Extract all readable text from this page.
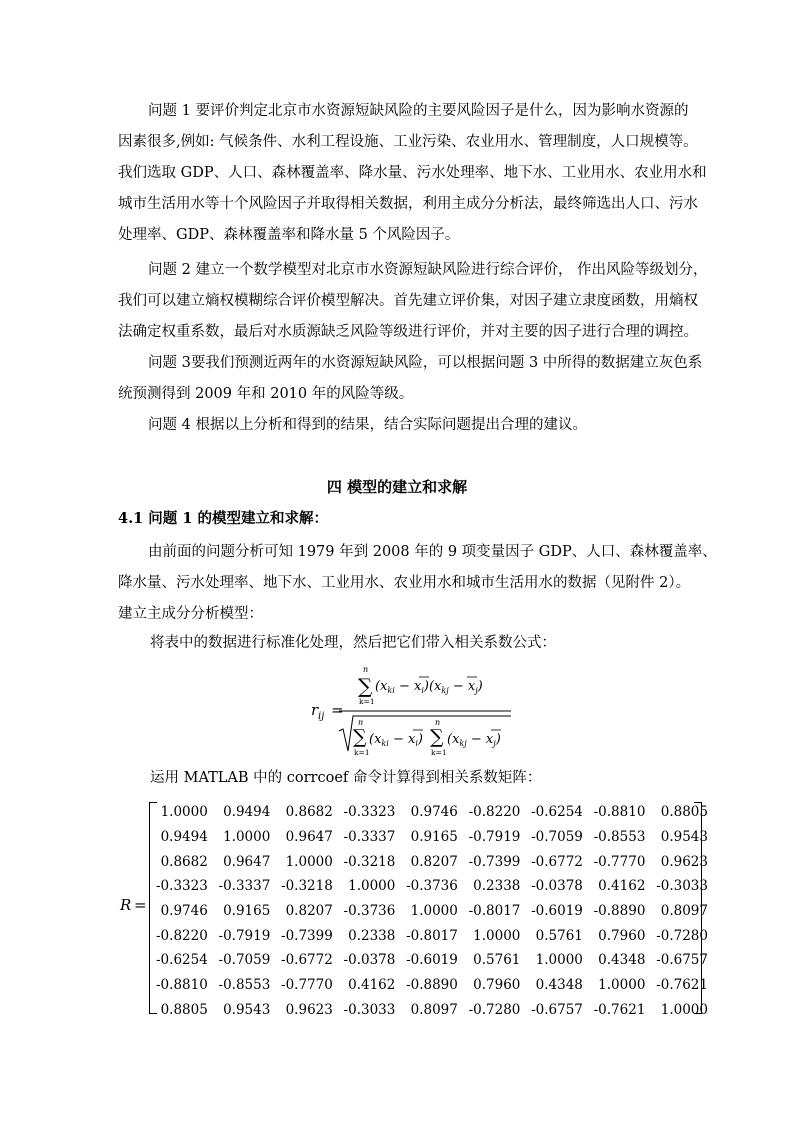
问题 1 要评价判定北京市水资源短缺风险的主要风险因子是什么，因为影响水资源的
因素很多,例如: 气候条件、水利工程设施、工业污染、农业用水、管理制度，人口规模等。
我们选取 GDP、人口、森林覆盖率、降水量、污水处理率、地下水、工业用水、农业用水和
城市生活用水等十个风险因子并取得相关数据，利用主成分分析法，最终筛选出人口、污水
处理率、GDP、森林覆盖率和降水量 5 个风险因子。

问题 2 建立一个数学模型对北京市水资源短缺风险进行综合评价， 作出风险等级划分，
我们可以建立熵权模糊综合评价模型解决。首先建立评价集，对因子建立隶度函数，用熵权
法确定权重系数，最后对水质源缺乏风险等级进行评价，并对主要的因子进行合理的调控。

问题 3要我们预测近两年的水资源短缺风险，可以根据问题 3 中所得的数据建立灰色系
统预测得到 2009 年和 2010 年的风险等级。

问题 4 根据以上分析和得到的结果，结合实际问题提出合理的建议。

四 模型的建立和求解
4.1 问题 1 的模型建立和求解：

由前面的问题分析可知 1979 年到 2008 年的 9 项变量因子 GDP、人口、森林覆盖率、
降水量、污水处理率、地下水、工业用水、农业用水和城市生活用水的数据（见附件 2）。
建立主成分分析模型：

将表中的数据进行标准化处理，然后把它们带入相关系数公式：

r ij =
n
∑
k=1
$(x_{ki} - x_i)(x_{kj} - x_j)$
n
∑
k=1
$(x_{ki} - x_i)$
n
∑
k=1
$(x_{kj} - x_j)$

运用 MATLAB 中的 corrcoef 命令计算得到相关系数矩阵：

R =
1.0000	0.9494	0.8682	-0.3323	0.9746	-0.8220	-0.6254	-0.8810	0.8805
0.9494	1.0000	0.9647	-0.3337	0.9165	-0.7919	-0.7059	-0.8553	0.9543
0.8682	0.9647	1.0000	-0.3218	0.8207	-0.7399	-0.6772	-0.7770	0.9623
-0.3323	-0.3337	-0.3218	1.0000	-0.3736	0.2338	-0.0378	0.4162	-0.3033
0.9746	0.9165	0.8207	-0.3736	1.0000	-0.8017	-0.6019	-0.8890	0.8097
-0.8220	-0.7919	-0.7399	0.2338	-0.8017	1.0000	0.5761	0.7960	-0.7280
-0.6254	-0.7059	-0.6772	-0.0378	-0.6019	0.5761	1.0000	0.4348	-0.6757
-0.8810	-0.8553	-0.7770	0.4162	-0.8890	0.7960	0.4348	1.0000	-0.7621
0.8805	0.9543	0.9623	-0.3033	0.8097	-0.7280	-0.6757	-0.7621	1.0000
